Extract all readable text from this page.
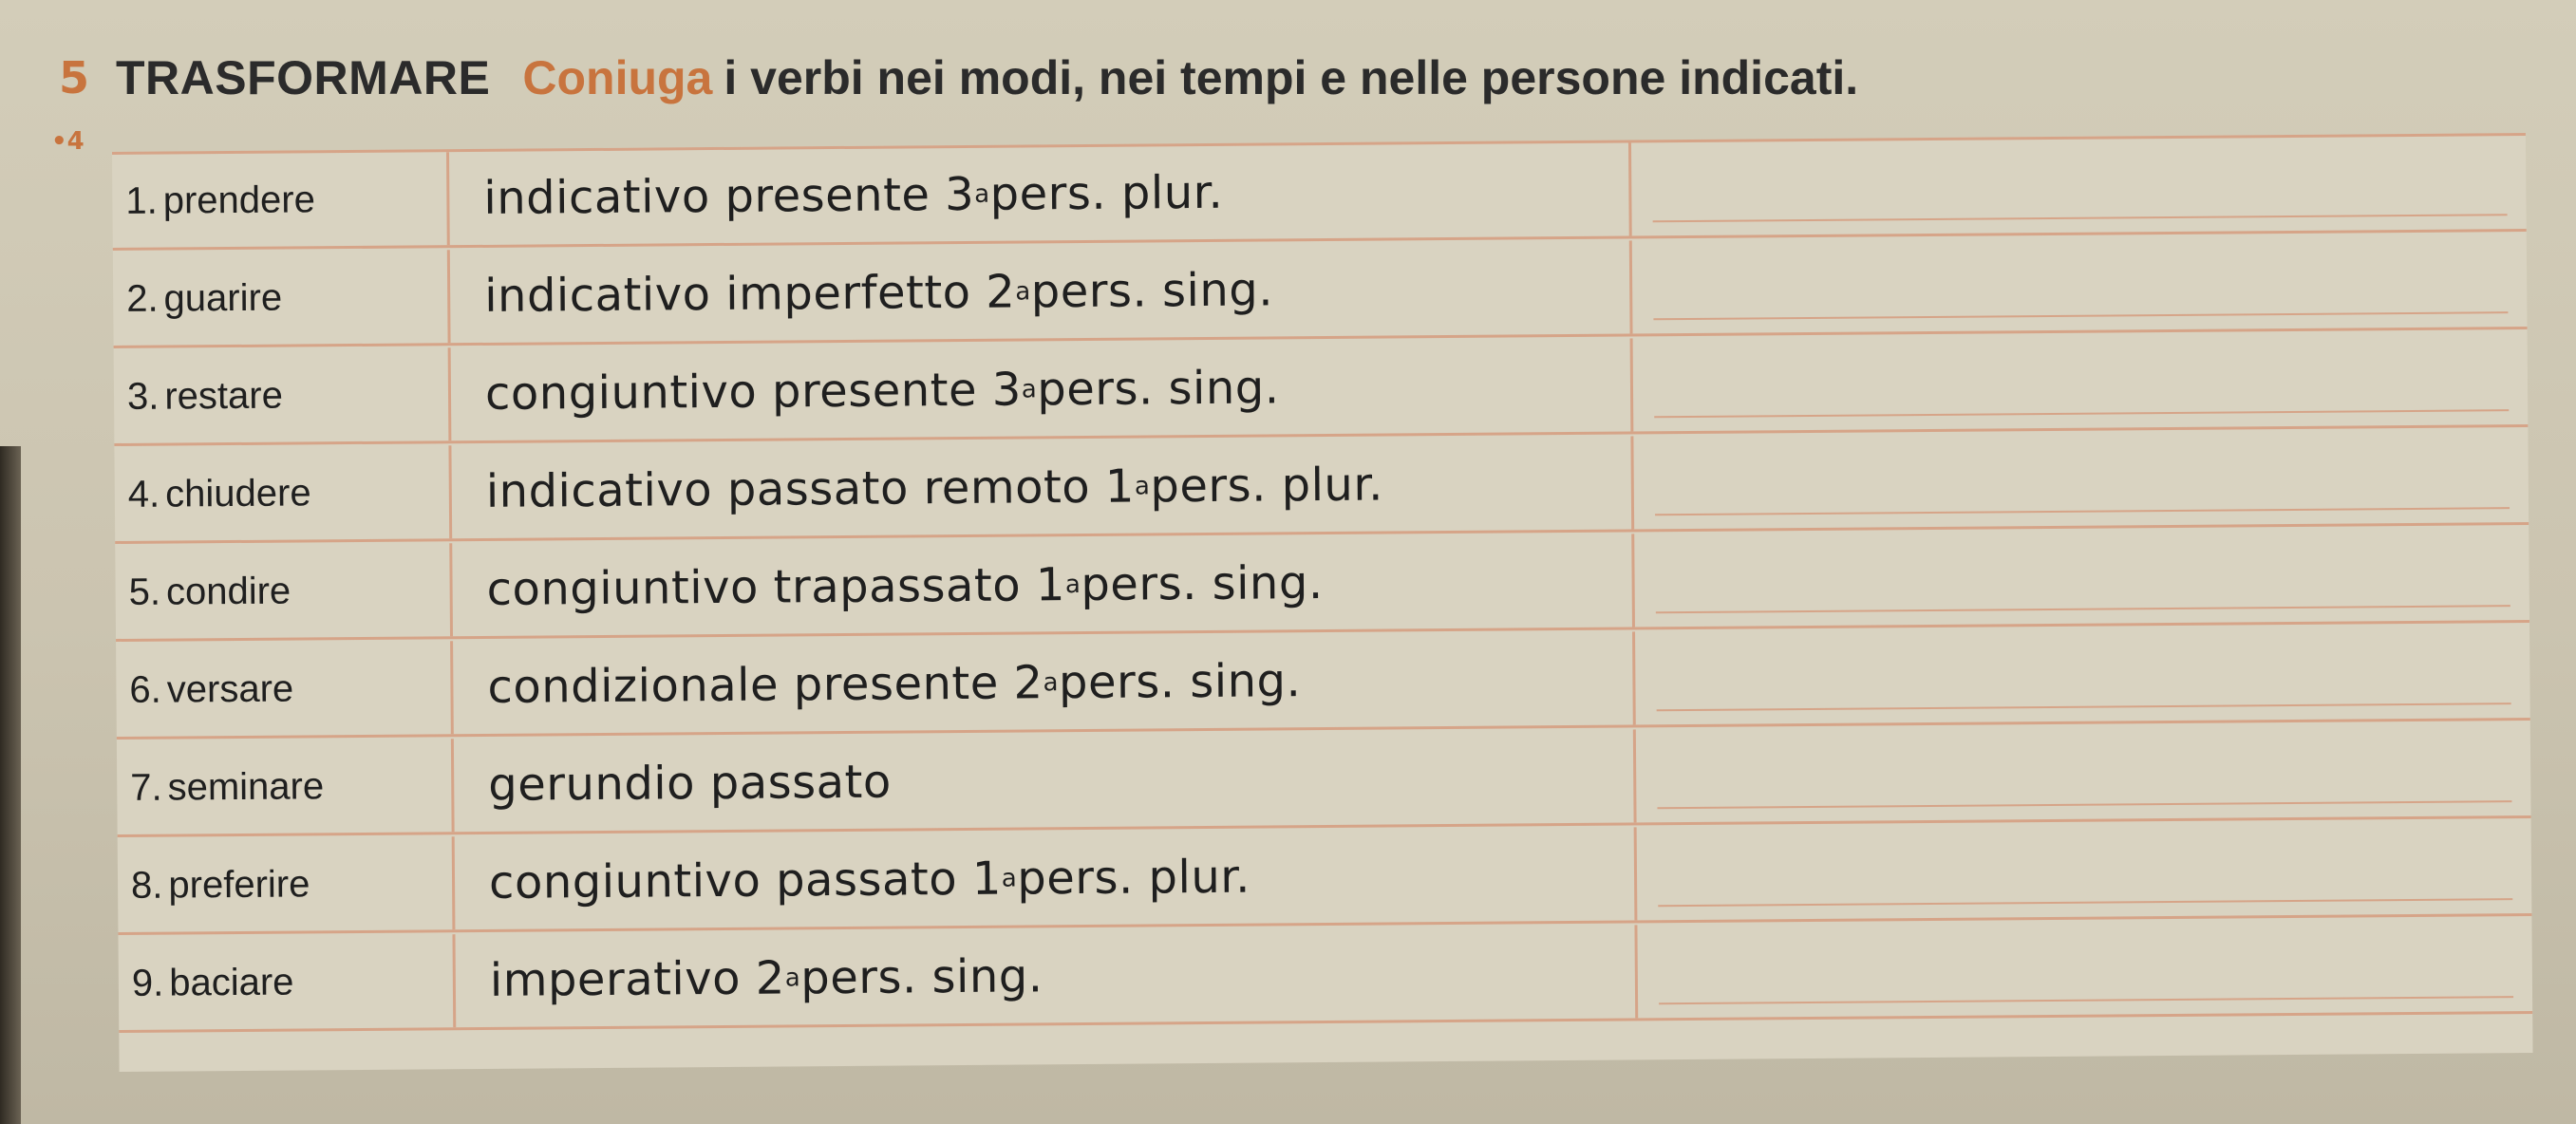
5 TRASFORMARE Coniuga i verbi nei modi, nei tempi e nelle persone indicati.
•4
1. prendere	indicativo presente 3 a pers. plur.
2. guarire	indicativo imperfetto 2 a pers. sing.
3. restare	congiuntivo presente 3 a pers. sing.
4. chiudere	indicativo passato remoto 1 a pers. plur.
5. condire	congiuntivo trapassato 1 a pers. sing.
6. versare	condizionale presente 2 a pers. sing.
7. seminare	gerundio passato
8. preferire	congiuntivo passato 1 a pers. plur.
9. baciare	imperativo 2 a pers. sing.
